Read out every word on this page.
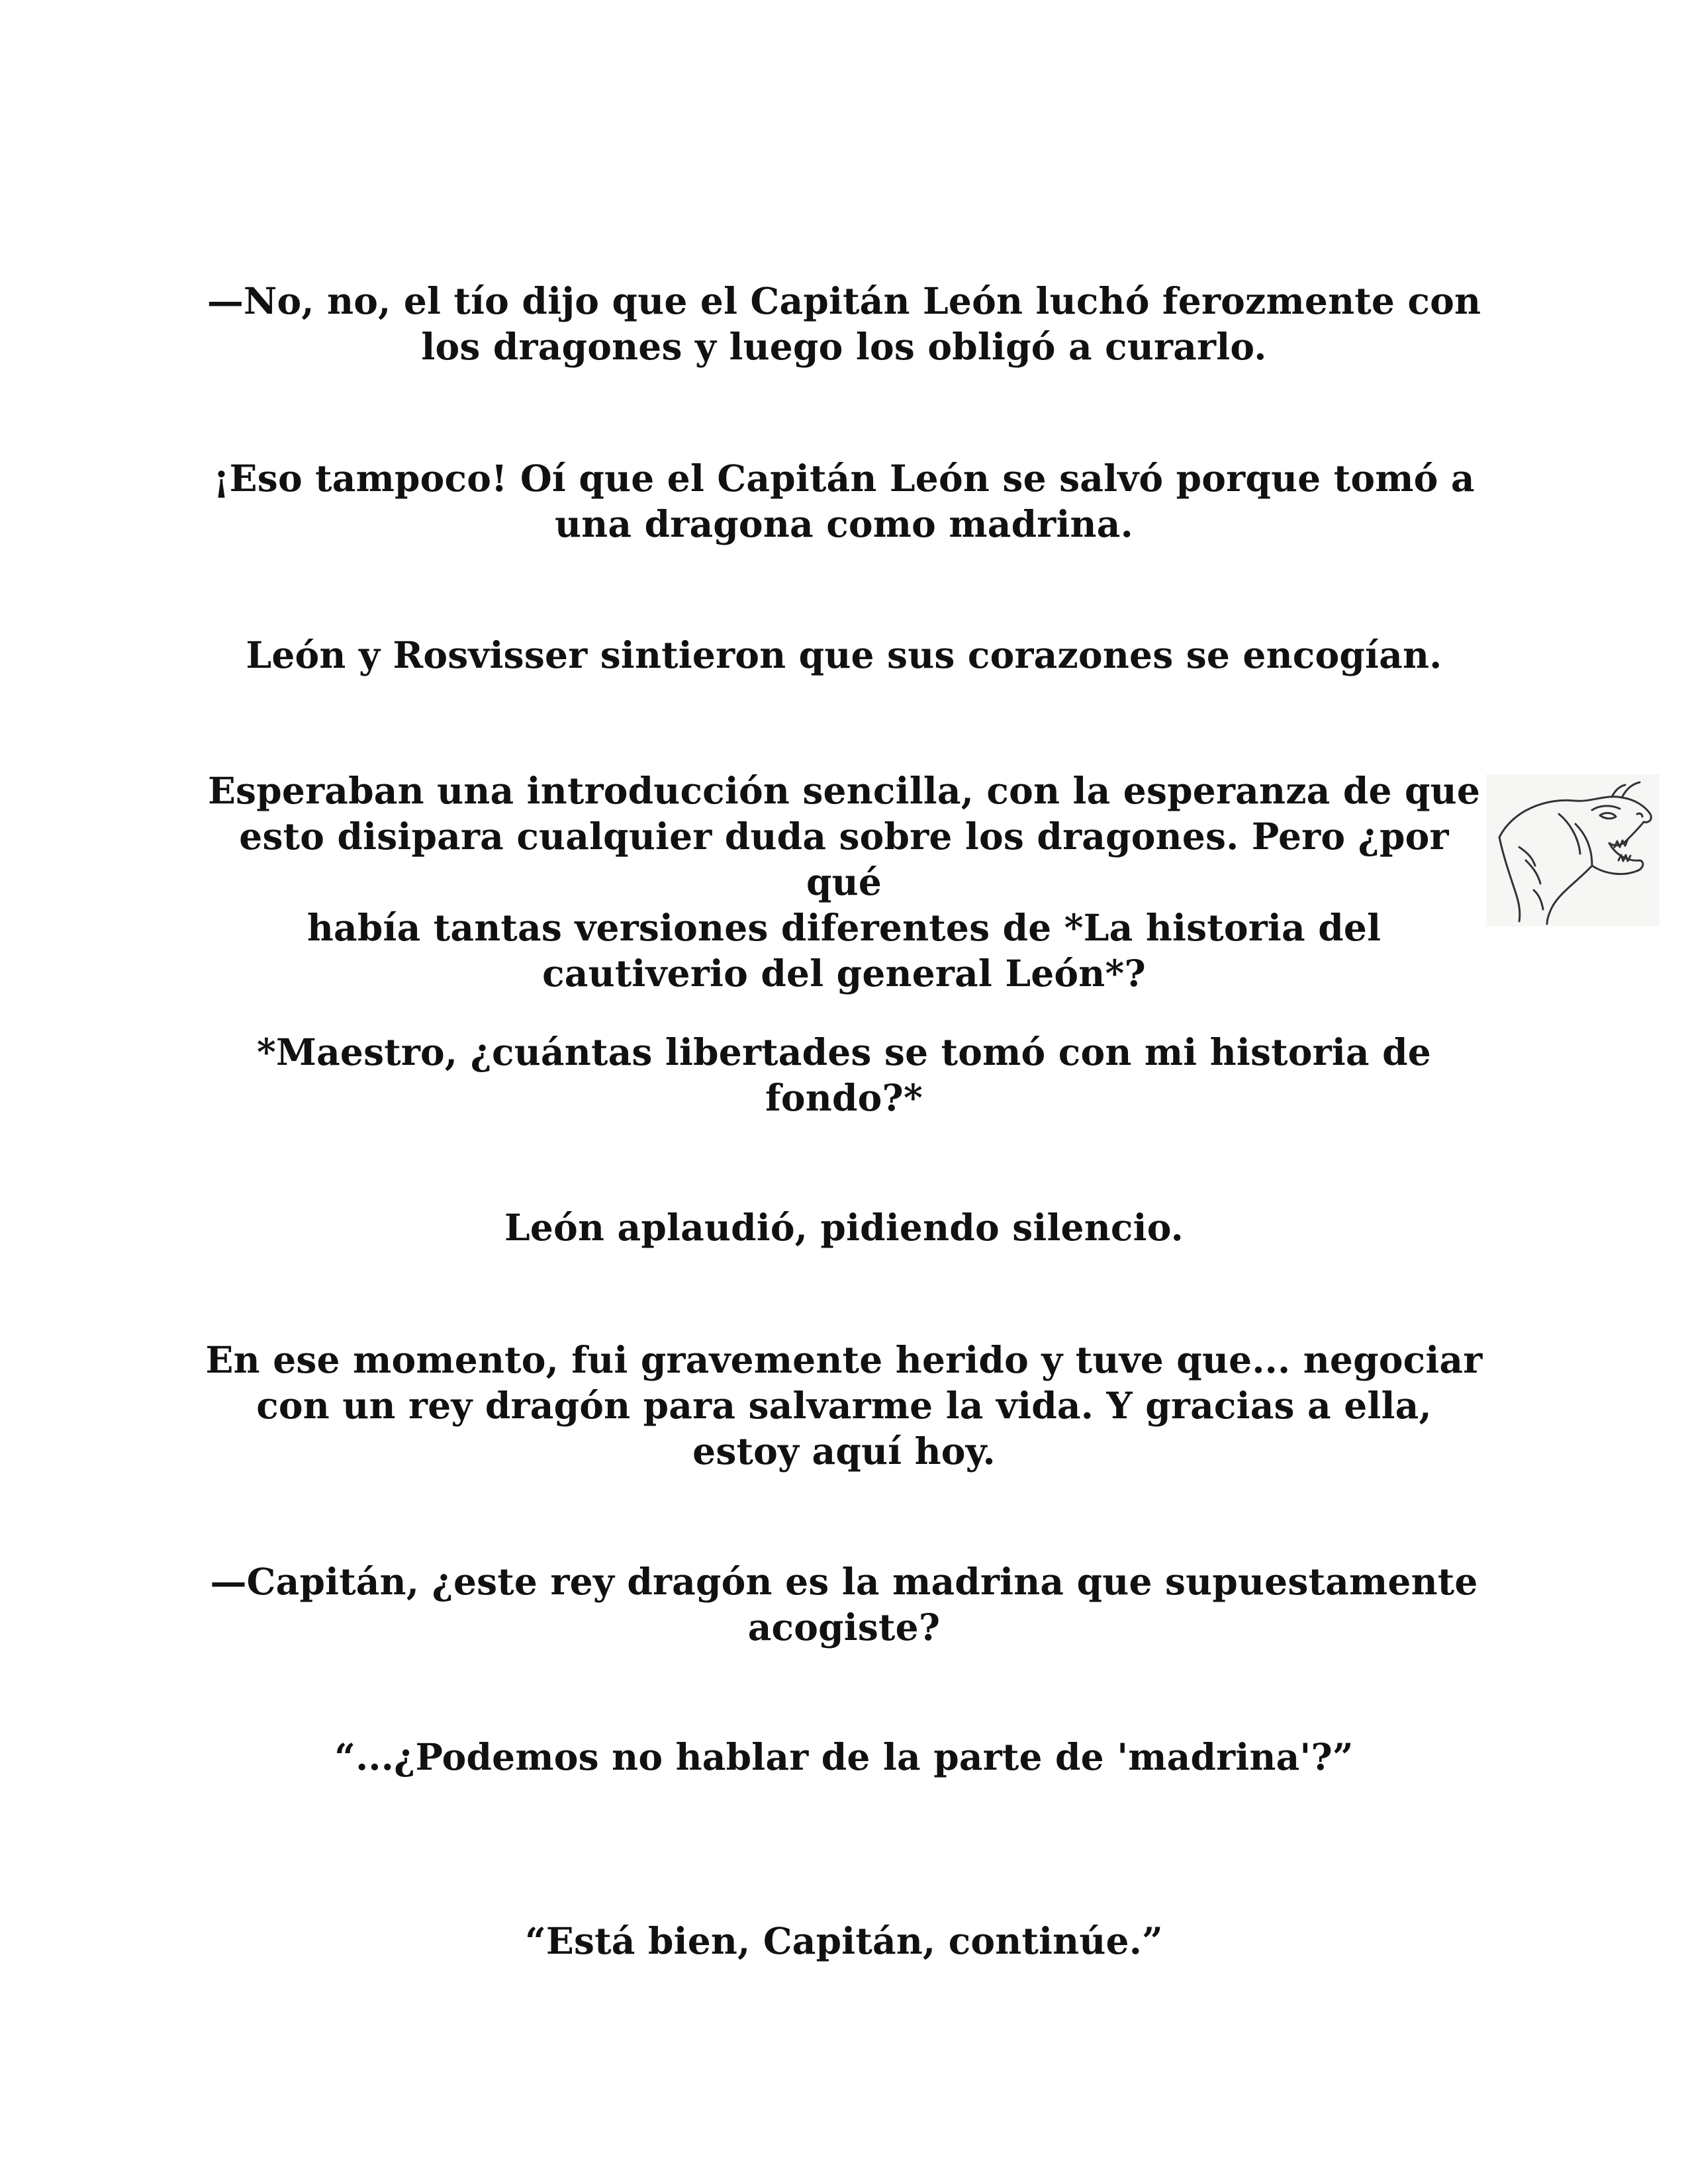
—No, no, el tío dijo que el Capitán León luchó ferozmente con
los dragones y luego los obligó a curarlo.

¡Eso tampoco! Oí que el Capitán León se salvó porque tomó a
una dragona como madrina.

León y Rosvisser sintieron que sus corazones se encogían.

Esperaban una introducción sencilla, con la esperanza de que
esto disipara cualquier duda sobre los dragones. Pero ¿por qué
había tantas versiones diferentes de *La historia del
cautiverio del general León*?

*Maestro, ¿cuántas libertades se tomó con mi historia de
fondo?*

León aplaudió, pidiendo silencio.

En ese momento, fui gravemente herido y tuve que... negociar
con un rey dragón para salvarme la vida. Y gracias a ella,
estoy aquí hoy.

—Capitán, ¿este rey dragón es la madrina que supuestamente
acogiste?

“...¿Podemos no hablar de la parte de 'madrina'?”

“Está bien, Capitán, continúe.”
